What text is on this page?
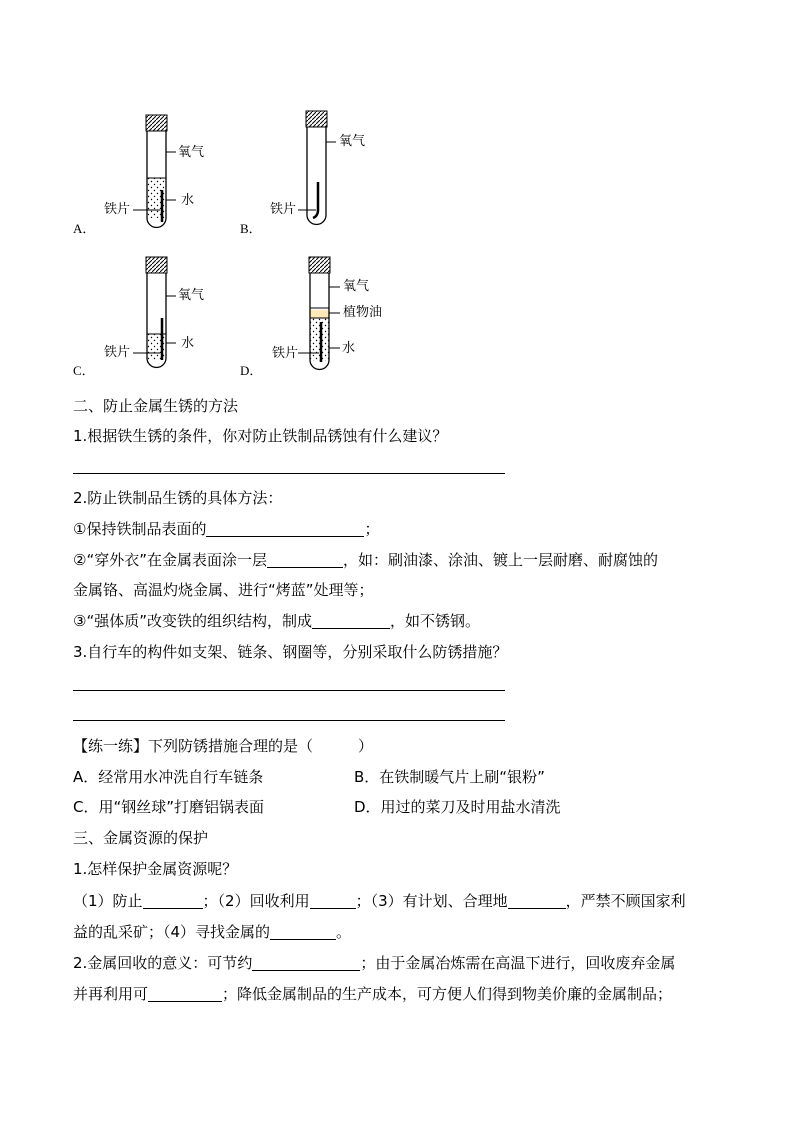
A．
氧气
水
铁片
B．
氧气
铁片
C．
氧气
水
铁片
D．
氧气
植物油
水
铁片
二、防止金属生锈的方法
1.根据铁生锈的条件，你对防止铁制品锈蚀有什么建议？
2.防止铁制品生锈的具体方法：
①保持铁制品表面的	；
②“穿外衣”在金属表面涂一层	，如：刷油漆、涂油、镀上一层耐磨、耐腐蚀的
金属铬、高温灼烧金属、进行“烤蓝”处理等；
③“强体质”改变铁的组织结构，制成	，如不锈钢。
3.自行车的构件如支架、链条、钢圈等，分别采取什么防锈措施？
【练一练】下列防锈措施合理的是（　　　）
A．经常用水冲洗自行车链条	B．在铁制暖气片上刷“银粉”
C．用“钢丝球”打磨铝锅表面	D．用过的菜刀及时用盐水清洗
三、金属资源的保护
1.怎样保护金属资源呢？
（1）防止	；（2）回收利用	；（3）有计划、合理地	，严禁不顾国家利
益的乱采矿；（4）寻找金属的	。
2.金属回收的意义：可节约	；由于金属冶炼需在高温下进行，回收废弃金属
并再利用可	；降低金属制品的生产成本，可方便人们得到物美价廉的金属制品；
